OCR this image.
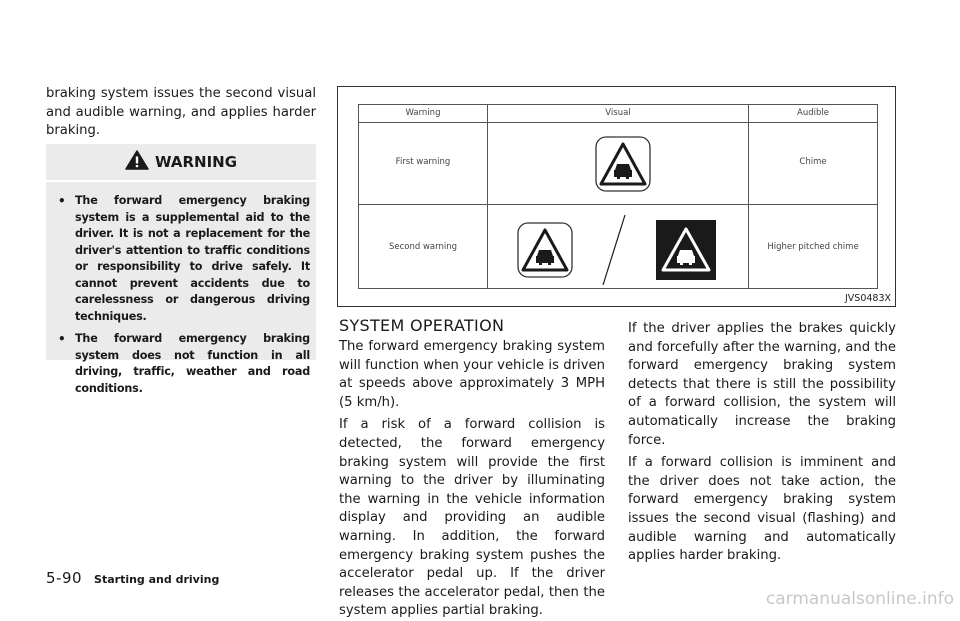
braking system issues the second visual and audible warning, and applies harder braking.

WARNING
• The forward emergency braking system is a supplemental aid to the driver. It is not a replacement for the driver's attention to traffic conditions or responsibility to drive safely. It cannot prevent accidents due to carelessness or dangerous driving techniques.

• The forward emergency braking system does not function in all driving, traffic, weather and road conditions.

Warning	Visual	Audible
First warning	Chime
Second warning	Higher pitched chime
JVS0483X
SYSTEM OPERATION

The forward emergency braking system will function when your vehicle is driven at speeds above approximately 3 MPH (5 km/h).

If a risk of a forward collision is detected, the forward emergency braking system will provide the first warning to the driver by illuminating the warning in the vehicle information display and providing an audible warning. In addition, the forward emergency braking system pushes the accelerator pedal up. If the driver releases the accelerator pedal, then the system applies partial braking.

If the driver applies the brakes quickly and forcefully after the warning, and the forward emergency braking system detects that there is still the possibility of a forward collision, the system will automatically increase the braking force.

If a forward collision is imminent and the driver does not take action, the forward emergency braking system issues the second visual (flashing) and audible warning and automatically applies harder braking.

5-90 Starting and driving
carmanualsonline.info
